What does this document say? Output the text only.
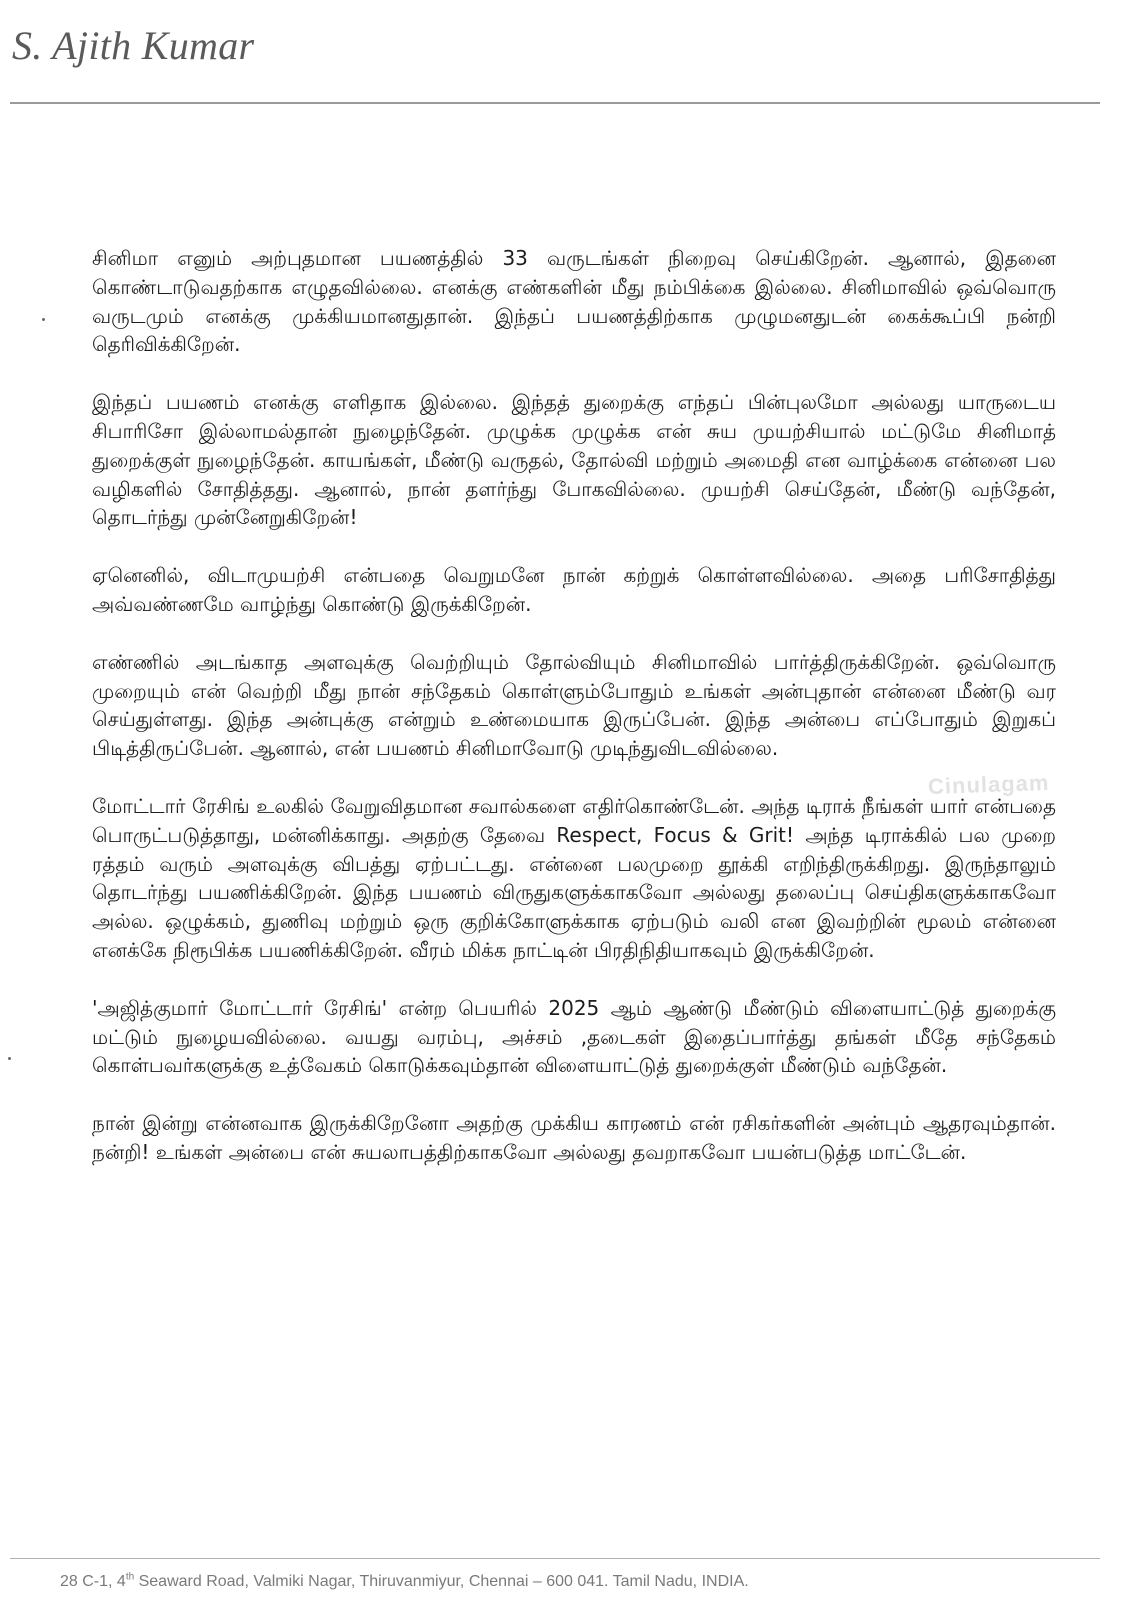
S. Ajith Kumar

சினிமா எனும் அற்புதமான பயணத்தில் 33 வருடங்கள் நிறைவு செய்கிறேன். ஆனால், இதனை கொண்டாடுவதற்காக எழுதவில்லை. எனக்கு எண்களின் மீது நம்பிக்கை இல்லை. சினிமாவில் ஒவ்வொரு வருடமும் எனக்கு முக்கியமானதுதான். இந்தப் பயணத்திற்காக முழுமனதுடன் கைக்கூப்பி நன்றி தெரிவிக்கிறேன்.

இந்தப் பயணம் எனக்கு எளிதாக இல்லை. இந்தத் துறைக்கு எந்தப் பின்புலமோ அல்லது யாருடைய சிபாரிசோ இல்லாமல்தான் நுழைந்தேன். முழுக்க முழுக்க என் சுய முயற்சியால் மட்டுமே சினிமாத் துறைக்குள் நுழைந்தேன். காயங்கள், மீண்டு வருதல், தோல்வி மற்றும் அமைதி என வாழ்க்கை என்னை பல வழிகளில் சோதித்தது. ஆனால், நான் தளர்ந்து போகவில்லை. முயற்சி செய்தேன், மீண்டு வந்தேன், தொடர்ந்து முன்னேறுகிறேன்!

ஏனெனில், விடாமுயற்சி என்பதை வெறுமனே நான் கற்றுக் கொள்ளவில்லை. அதை பரிசோதித்து அவ்வண்ணமே வாழ்ந்து கொண்டு இருக்கிறேன்.

எண்ணில் அடங்காத அளவுக்கு வெற்றியும் தோல்வியும் சினிமாவில் பார்த்திருக்கிறேன். ஒவ்வொரு முறையும் என் வெற்றி மீது நான் சந்தேகம் கொள்ளும்போதும் உங்கள் அன்புதான் என்னை மீண்டு வர செய்துள்ளது. இந்த அன்புக்கு என்றும் உண்மையாக இருப்பேன். இந்த அன்பை எப்போதும் இறுகப் பிடித்திருப்பேன். ஆனால், என் பயணம் சினிமாவோடு முடிந்துவிடவில்லை.

மோட்டார் ரேசிங் உலகில் வேறுவிதமான சவால்களை எதிர்கொண்டேன். அந்த டிராக் நீங்கள் யார் என்பதை பொருட்படுத்தாது, மன்னிக்காது. அதற்கு தேவை Respect, Focus & Grit! அந்த டிராக்கில் பல முறை ரத்தம் வரும் அளவுக்கு விபத்து ஏற்பட்டது. என்னை பலமுறை தூக்கி எறிந்திருக்கிறது. இருந்தாலும் தொடர்ந்து பயணிக்கிறேன். இந்த பயணம் விருதுகளுக்காகவோ அல்லது தலைப்பு செய்திகளுக்காகவோ அல்ல. ஒழுக்கம், துணிவு மற்றும் ஒரு குறிக்கோளுக்காக ஏற்படும் வலி என இவற்றின் மூலம் என்னை எனக்கே நிரூபிக்க பயணிக்கிறேன். வீரம் மிக்க நாட்டின் பிரதிநிதியாகவும் இருக்கிறேன்.

'அஜித்குமார் மோட்டார் ரேசிங்' என்ற பெயரில் 2025 ஆம் ஆண்டு மீண்டும் விளையாட்டுத் துறைக்கு மட்டும் நுழையவில்லை. வயது வரம்பு, அச்சம் ,தடைகள் இதைப்பார்த்து தங்கள் மீதே சந்தேகம் கொள்பவர்களுக்கு உத்வேகம் கொடுக்கவும்தான் விளையாட்டுத் துறைக்குள் மீண்டும் வந்தேன்.

நான் இன்று என்னவாக இருக்கிறேனோ அதற்கு முக்கிய காரணம் என் ரசிகர்களின் அன்பும் ஆதரவும்தான். நன்றி! உங்கள் அன்பை என் சுயலாபத்திற்காகவோ அல்லது தவறாகவோ பயன்படுத்த மாட்டேன்.

Cinulagam

28 C-1, 4th Seaward Road, Valmiki Nagar, Thiruvanmiyur, Chennai – 600 041. Tamil Nadu, INDIA.
